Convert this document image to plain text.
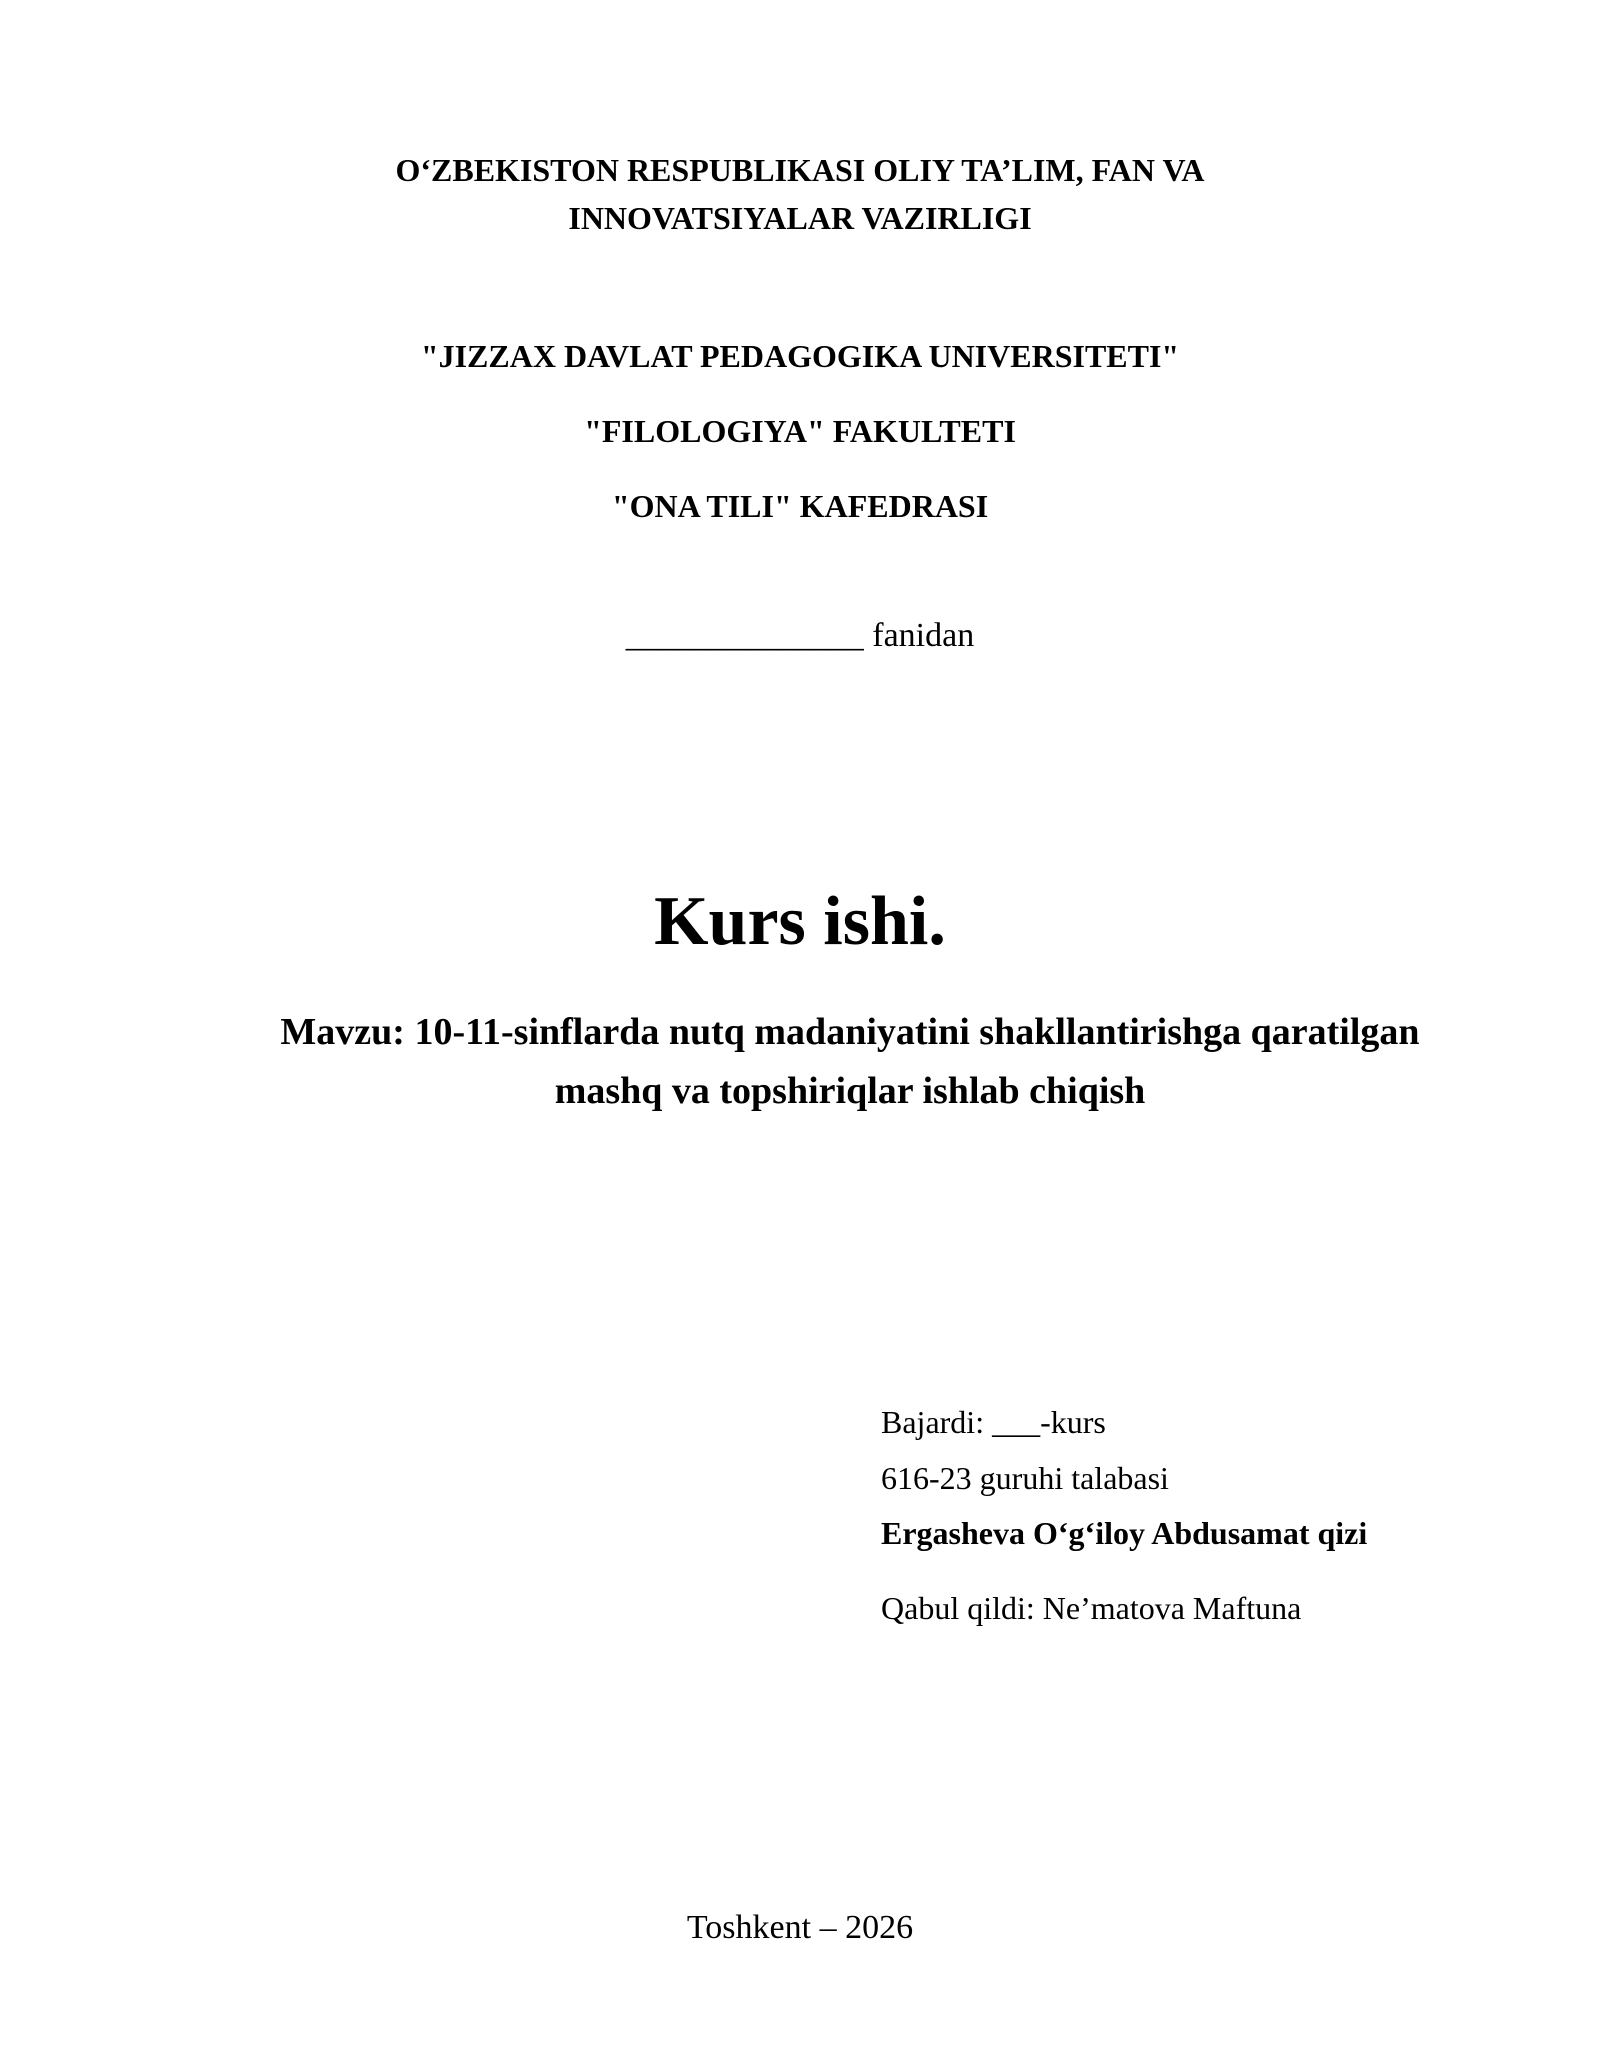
O‘ZBEKISTON RESPUBLIKASI OLIY TA’LIM, FAN VA
INNOVATSIYALAR VAZIRLIGI
"JIZZAX DAVLAT PEDAGOGIKA UNIVERSITETI"
"FILOLOGIYA" FAKULTETI
"ONA TILI" KAFEDRASI
______________ fanidan
Kurs ishi.
Mavzu: 10-11-sinflarda nutq madaniyatini shakllantirishga qaratilgan
mashq va topshiriqlar ishlab chiqish
Bajardi: ___-kurs
616-23 guruhi talabasi
Ergasheva O‘g‘iloy Abdusamat qizi
Qabul qildi: Ne’matova Maftuna
Toshkent – 2026
